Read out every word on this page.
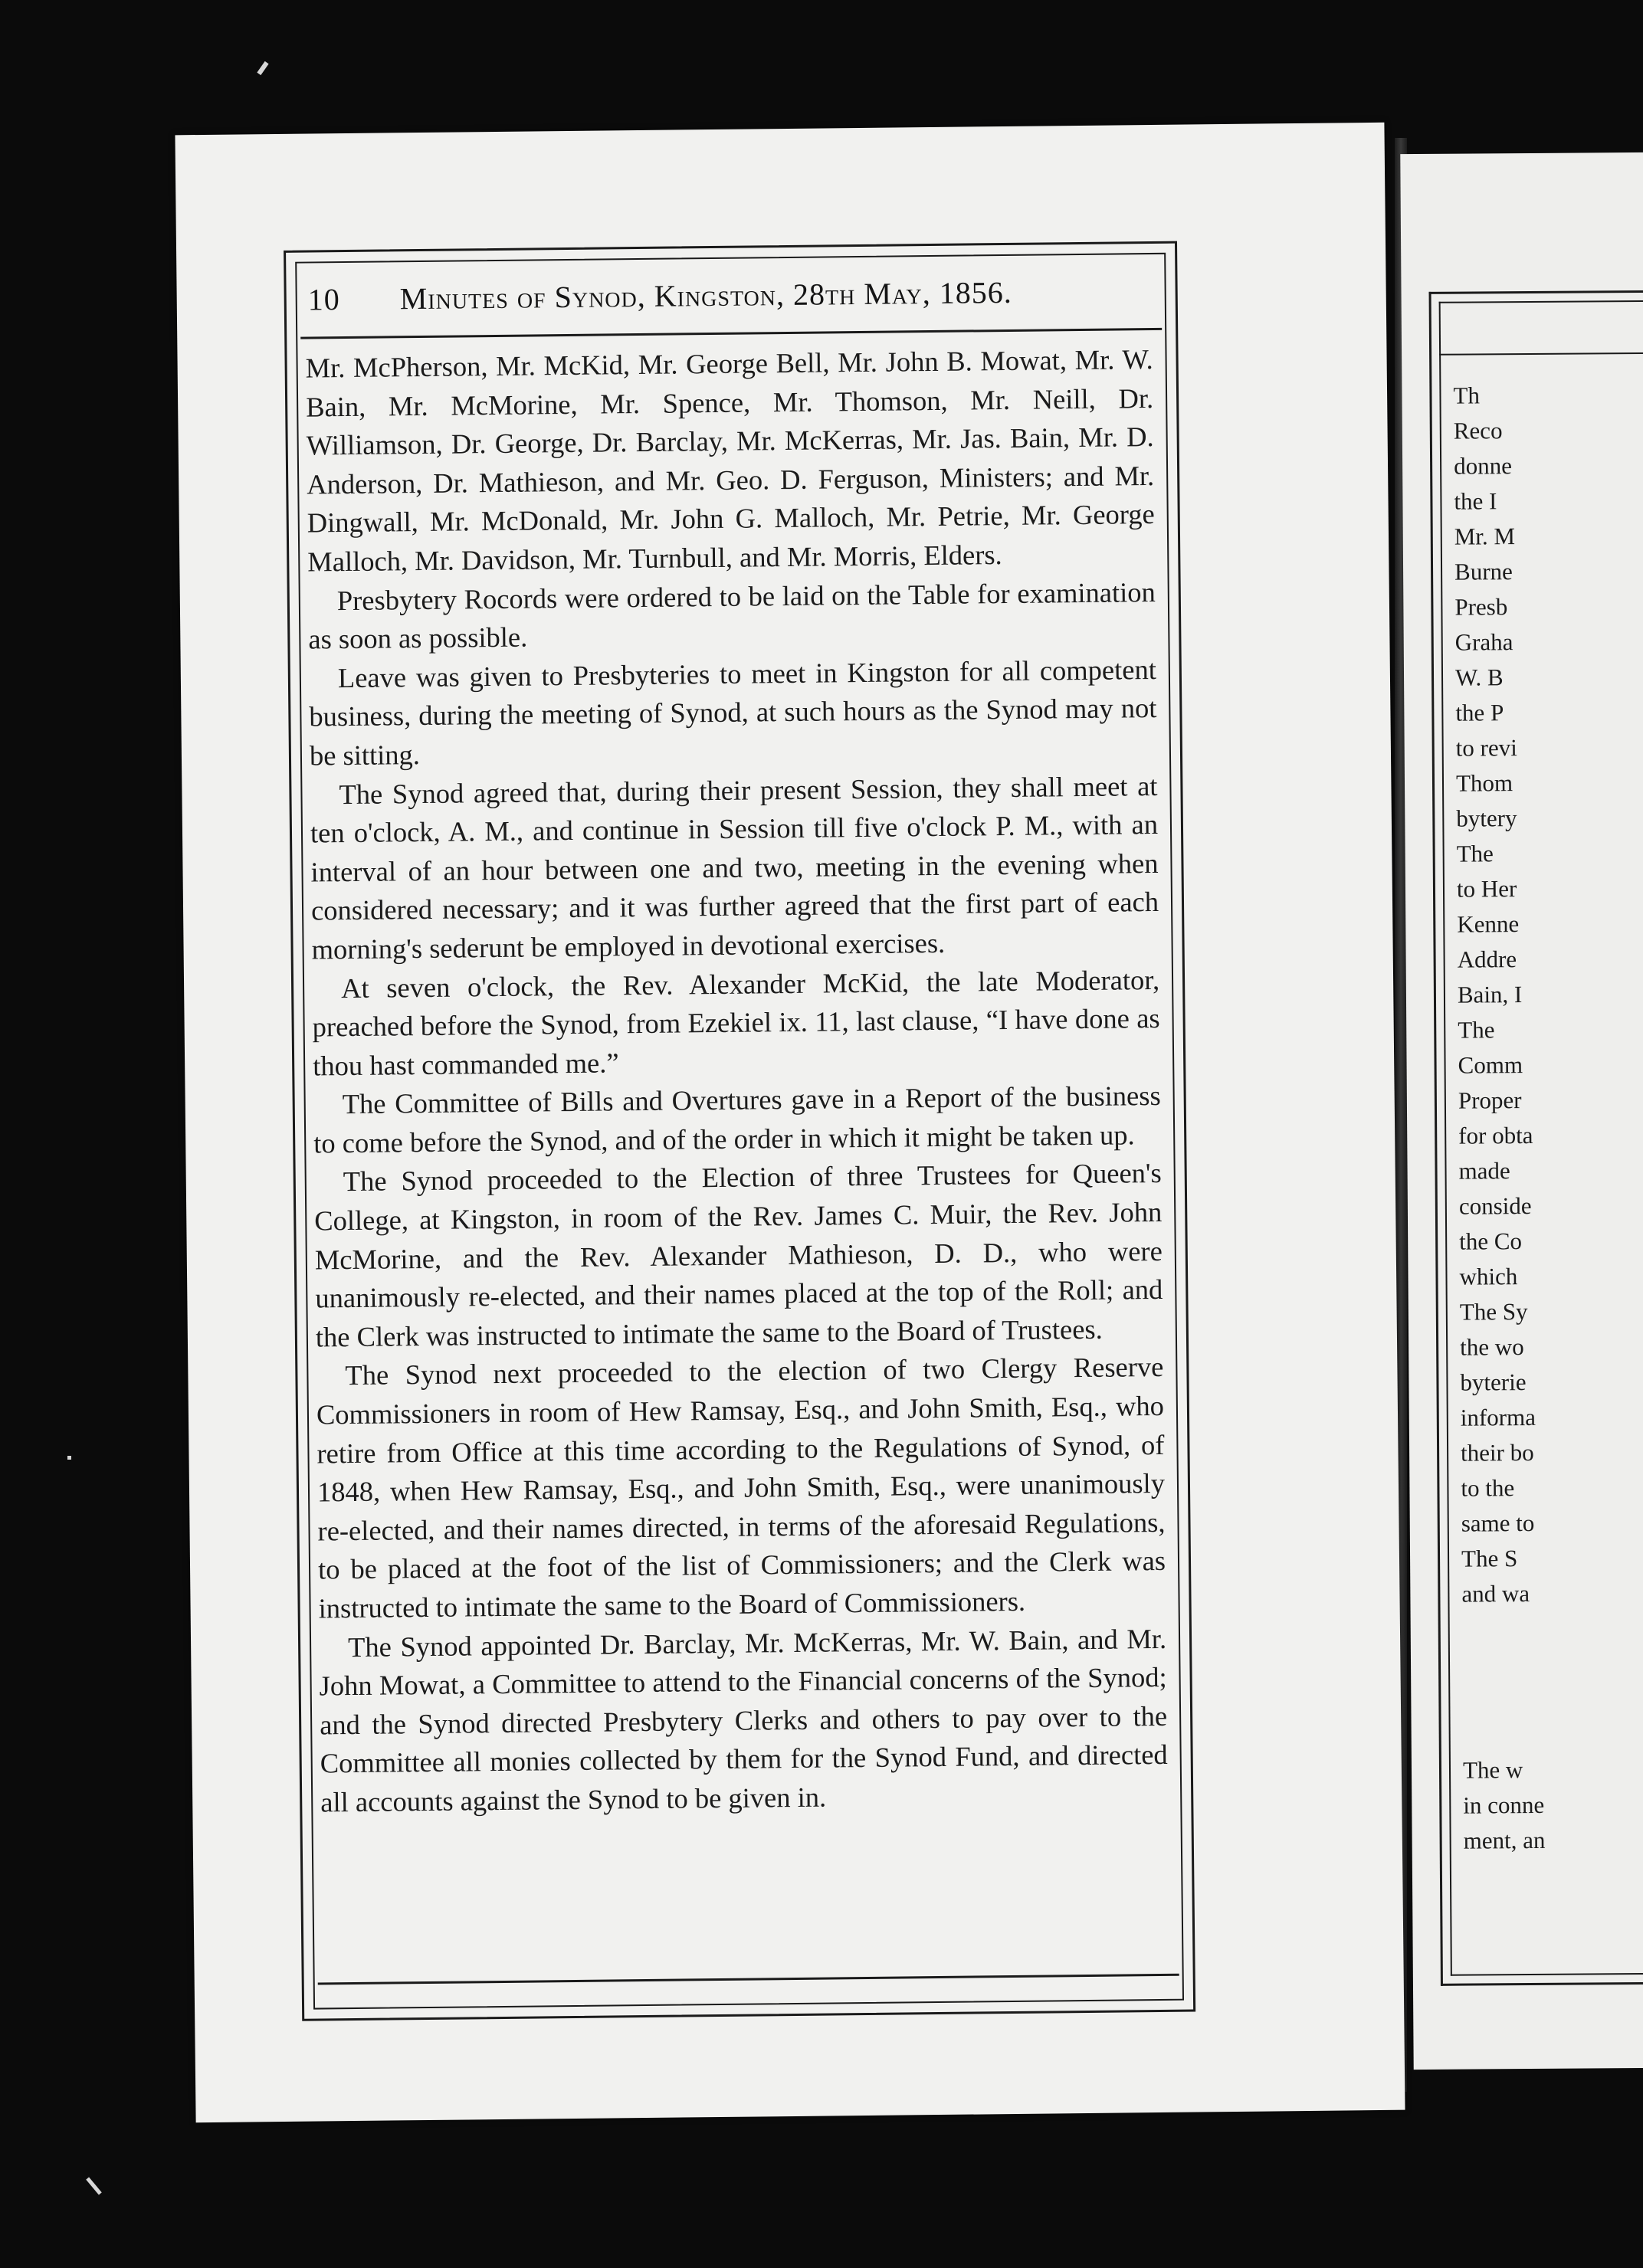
10 Minutes of Synod, Kingston, 28th May, 1856.

Mr. McPherson, Mr. McKid, Mr. George Bell, Mr. John B. Mowat, Mr. W. Bain, Mr. McMorine, Mr. Spence, Mr. Thomson, Mr. Neill, Dr. Williamson, Dr. George, Dr. Barclay, Mr. McKerras, Mr. Jas. Bain, Mr. D. Anderson, Dr. Mathieson, and Mr. Geo. D. Ferguson, Ministers; and Mr. Dingwall, Mr. McDonald, Mr. John G. Malloch, Mr. Petrie, Mr. George Malloch, Mr. Davidson, Mr. Turnbull, and Mr. Morris, Elders.

Presbytery Rocords were ordered to be laid on the Table for examination as soon as possible.

Leave was given to Presbyteries to meet in Kingston for all competent business, during the meeting of Synod, at such hours as the Synod may not be sitting.

The Synod agreed that, during their present Session, they shall meet at ten o'clock, A. M., and continue in Session till five o'clock P. M., with an interval of an hour between one and two, meeting in the evening when considered necessary; and it was further agreed that the first part of each morning's sederunt be employed in devotional exercises.

At seven o'clock, the Rev. Alexander McKid, the late Moderator, preached before the Synod, from Ezekiel ix. 11, last clause, “I have done as thou hast commanded me.”

The Committee of Bills and Overtures gave in a Report of the business to come before the Synod, and of the order in which it might be taken up.

The Synod proceeded to the Election of three Trustees for Queen's College, at Kingston, in room of the Rev. James C. Muir, the Rev. John McMorine, and the Rev. Alexander Mathieson, D. D., who were unanimously re-elected, and their names placed at the top of the Roll; and the Clerk was instructed to intimate the same to the Board of Trustees.

The Synod next proceeded to the election of two Clergy Reserve Commissioners in room of Hew Ramsay, Esq., and John Smith, Esq., who retire from Office at this time according to the Regulations of Synod, of 1848, when Hew Ramsay, Esq., and John Smith, Esq., were unanimously re-elected, and their names directed, in terms of the aforesaid Regulations, to be placed at the foot of the list of Commissioners; and the Clerk was instructed to intimate the same to the Board of Commissioners.

The Synod appointed Dr. Barclay, Mr. McKerras, Mr. W. Bain, and Mr. John Mowat, a Committee to attend to the Financial concerns of the Synod; and the Synod directed Presbytery Clerks and others to pay over to the Committee all monies collected by them for the Synod Fund, and directed all accounts against the Synod to be given in.

Th
Reco
donne
the I
Mr. M
Burne
Presb
Graha
W. B
the P
to revi
Thom
bytery
The
to Her
Kenne
Addre
Bain, I
The
Comm
Proper
for obta
made
conside
the Co
which
The Sy
the wo
byterie
informa
their bo
to the
same to
The S
and wa
The w
in conne
ment, an
